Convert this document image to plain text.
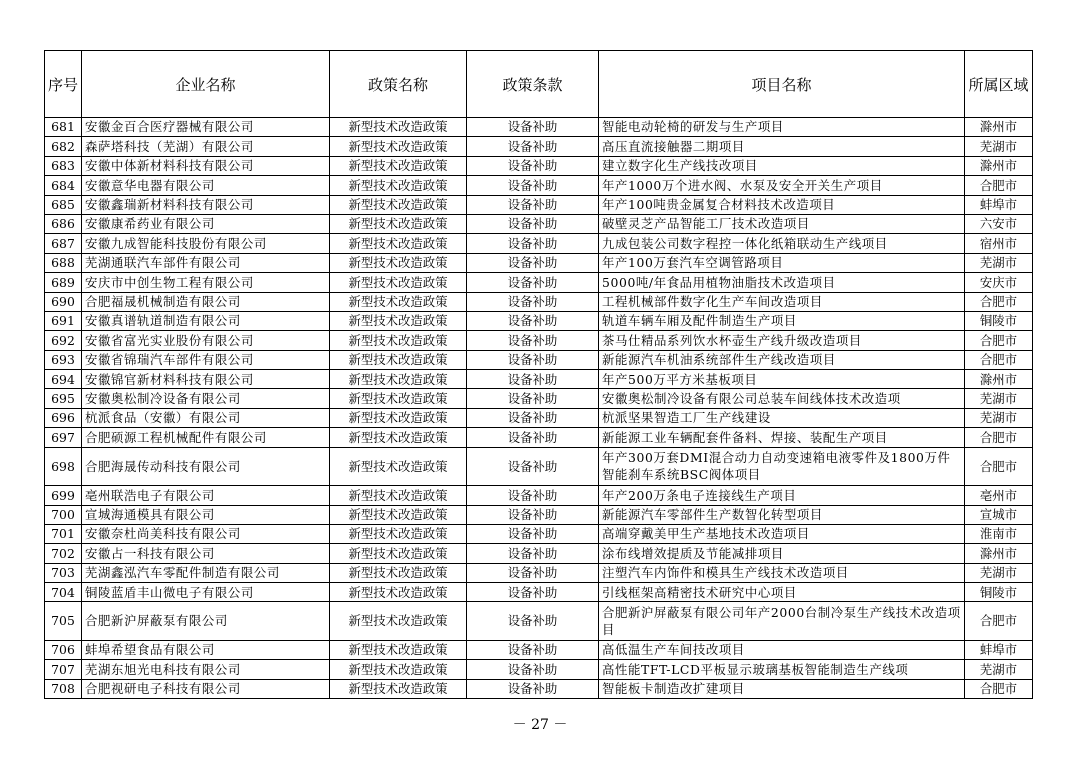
序号	企业名称	政策名称	政策条款	项目名称	所属区域
681	安徽金百合医疗器械有限公司	新型技术改造政策	设备补助	智能电动轮椅的研发与生产项目	滁州市
682	森萨塔科技（芜湖）有限公司	新型技术改造政策	设备补助	高压直流接触器二期项目	芜湖市
683	安徽中体新材料科技有限公司	新型技术改造政策	设备补助	建立数字化生产线技改项目	滁州市
684	安徽意华电器有限公司	新型技术改造政策	设备补助	年产1000万个进水阀、水泵及安全开关生产项目	合肥市
685	安徽鑫瑞新材料科技有限公司	新型技术改造政策	设备补助	年产100吨贵金属复合材料技术改造项目	蚌埠市
686	安徽康希药业有限公司	新型技术改造政策	设备补助	破壁灵芝产品智能工厂技术改造项目	六安市
687	安徽九成智能科技股份有限公司	新型技术改造政策	设备补助	九成包装公司数字程控一体化纸箱联动生产线项目	宿州市
688	芜湖通联汽车部件有限公司	新型技术改造政策	设备补助	年产100万套汽车空调管路项目	芜湖市
689	安庆市中创生物工程有限公司	新型技术改造政策	设备补助	5000吨/年食品用植物油脂技术改造项目	安庆市
690	合肥福晟机械制造有限公司	新型技术改造政策	设备补助	工程机械部件数字化生产车间改造项目	合肥市
691	安徽真谱轨道制造有限公司	新型技术改造政策	设备补助	轨道车辆车厢及配件制造生产项目	铜陵市
692	安徽省富光实业股份有限公司	新型技术改造政策	设备补助	茶马仕精品系列饮水杯壶生产线升级改造项目	合肥市
693	安徽省锦瑞汽车部件有限公司	新型技术改造政策	设备补助	新能源汽车机油系统部件生产线改造项目	合肥市
694	安徽锦官新材料科技有限公司	新型技术改造政策	设备补助	年产500万平方米基板项目	滁州市
695	安徽奥松制冷设备有限公司	新型技术改造政策	设备补助	安徽奥松制冷设备有限公司总装车间线体技术改造项	芜湖市
696	杭派食品（安徽）有限公司	新型技术改造政策	设备补助	杭派坚果智造工厂生产线建设	芜湖市
697	合肥硕源工程机械配件有限公司	新型技术改造政策	设备补助	新能源工业车辆配套件备料、焊接、装配生产项目	合肥市
698	合肥海晟传动科技有限公司	新型技术改造政策	设备补助	年产300万套DMI混合动力自动变速箱电液零件及1800万件智能刹车系统BSC阀体项目	合肥市
699	亳州联浩电子有限公司	新型技术改造政策	设备补助	年产200万条电子连接线生产项目	亳州市
700	宣城海通模具有限公司	新型技术改造政策	设备补助	新能源汽车零部件生产数智化转型项目	宣城市
701	安徽奈杜尚美科技有限公司	新型技术改造政策	设备补助	高端穿戴美甲生产基地技术改造项目	淮南市
702	安徽占一科技有限公司	新型技术改造政策	设备补助	涂布线增效提质及节能减排项目	滁州市
703	芜湖鑫泓汽车零配件制造有限公司	新型技术改造政策	设备补助	注塑汽车内饰件和模具生产线技术改造项目	芜湖市
704	铜陵蓝盾丰山微电子有限公司	新型技术改造政策	设备补助	引线框架高精密技术研究中心项目	铜陵市
705	合肥新沪屏蔽泵有限公司	新型技术改造政策	设备补助	合肥新沪屏蔽泵有限公司年产2000台制冷泵生产线技术改造项目	合肥市
706	蚌埠希望食品有限公司	新型技术改造政策	设备补助	高低温生产车间技改项目	蚌埠市
707	芜湖东旭光电科技有限公司	新型技术改造政策	设备补助	高性能TFT-LCD平板显示玻璃基板智能制造生产线项	芜湖市
708	合肥视研电子科技有限公司	新型技术改造政策	设备补助	智能板卡制造改扩建项目	合肥市
－ 27 －
